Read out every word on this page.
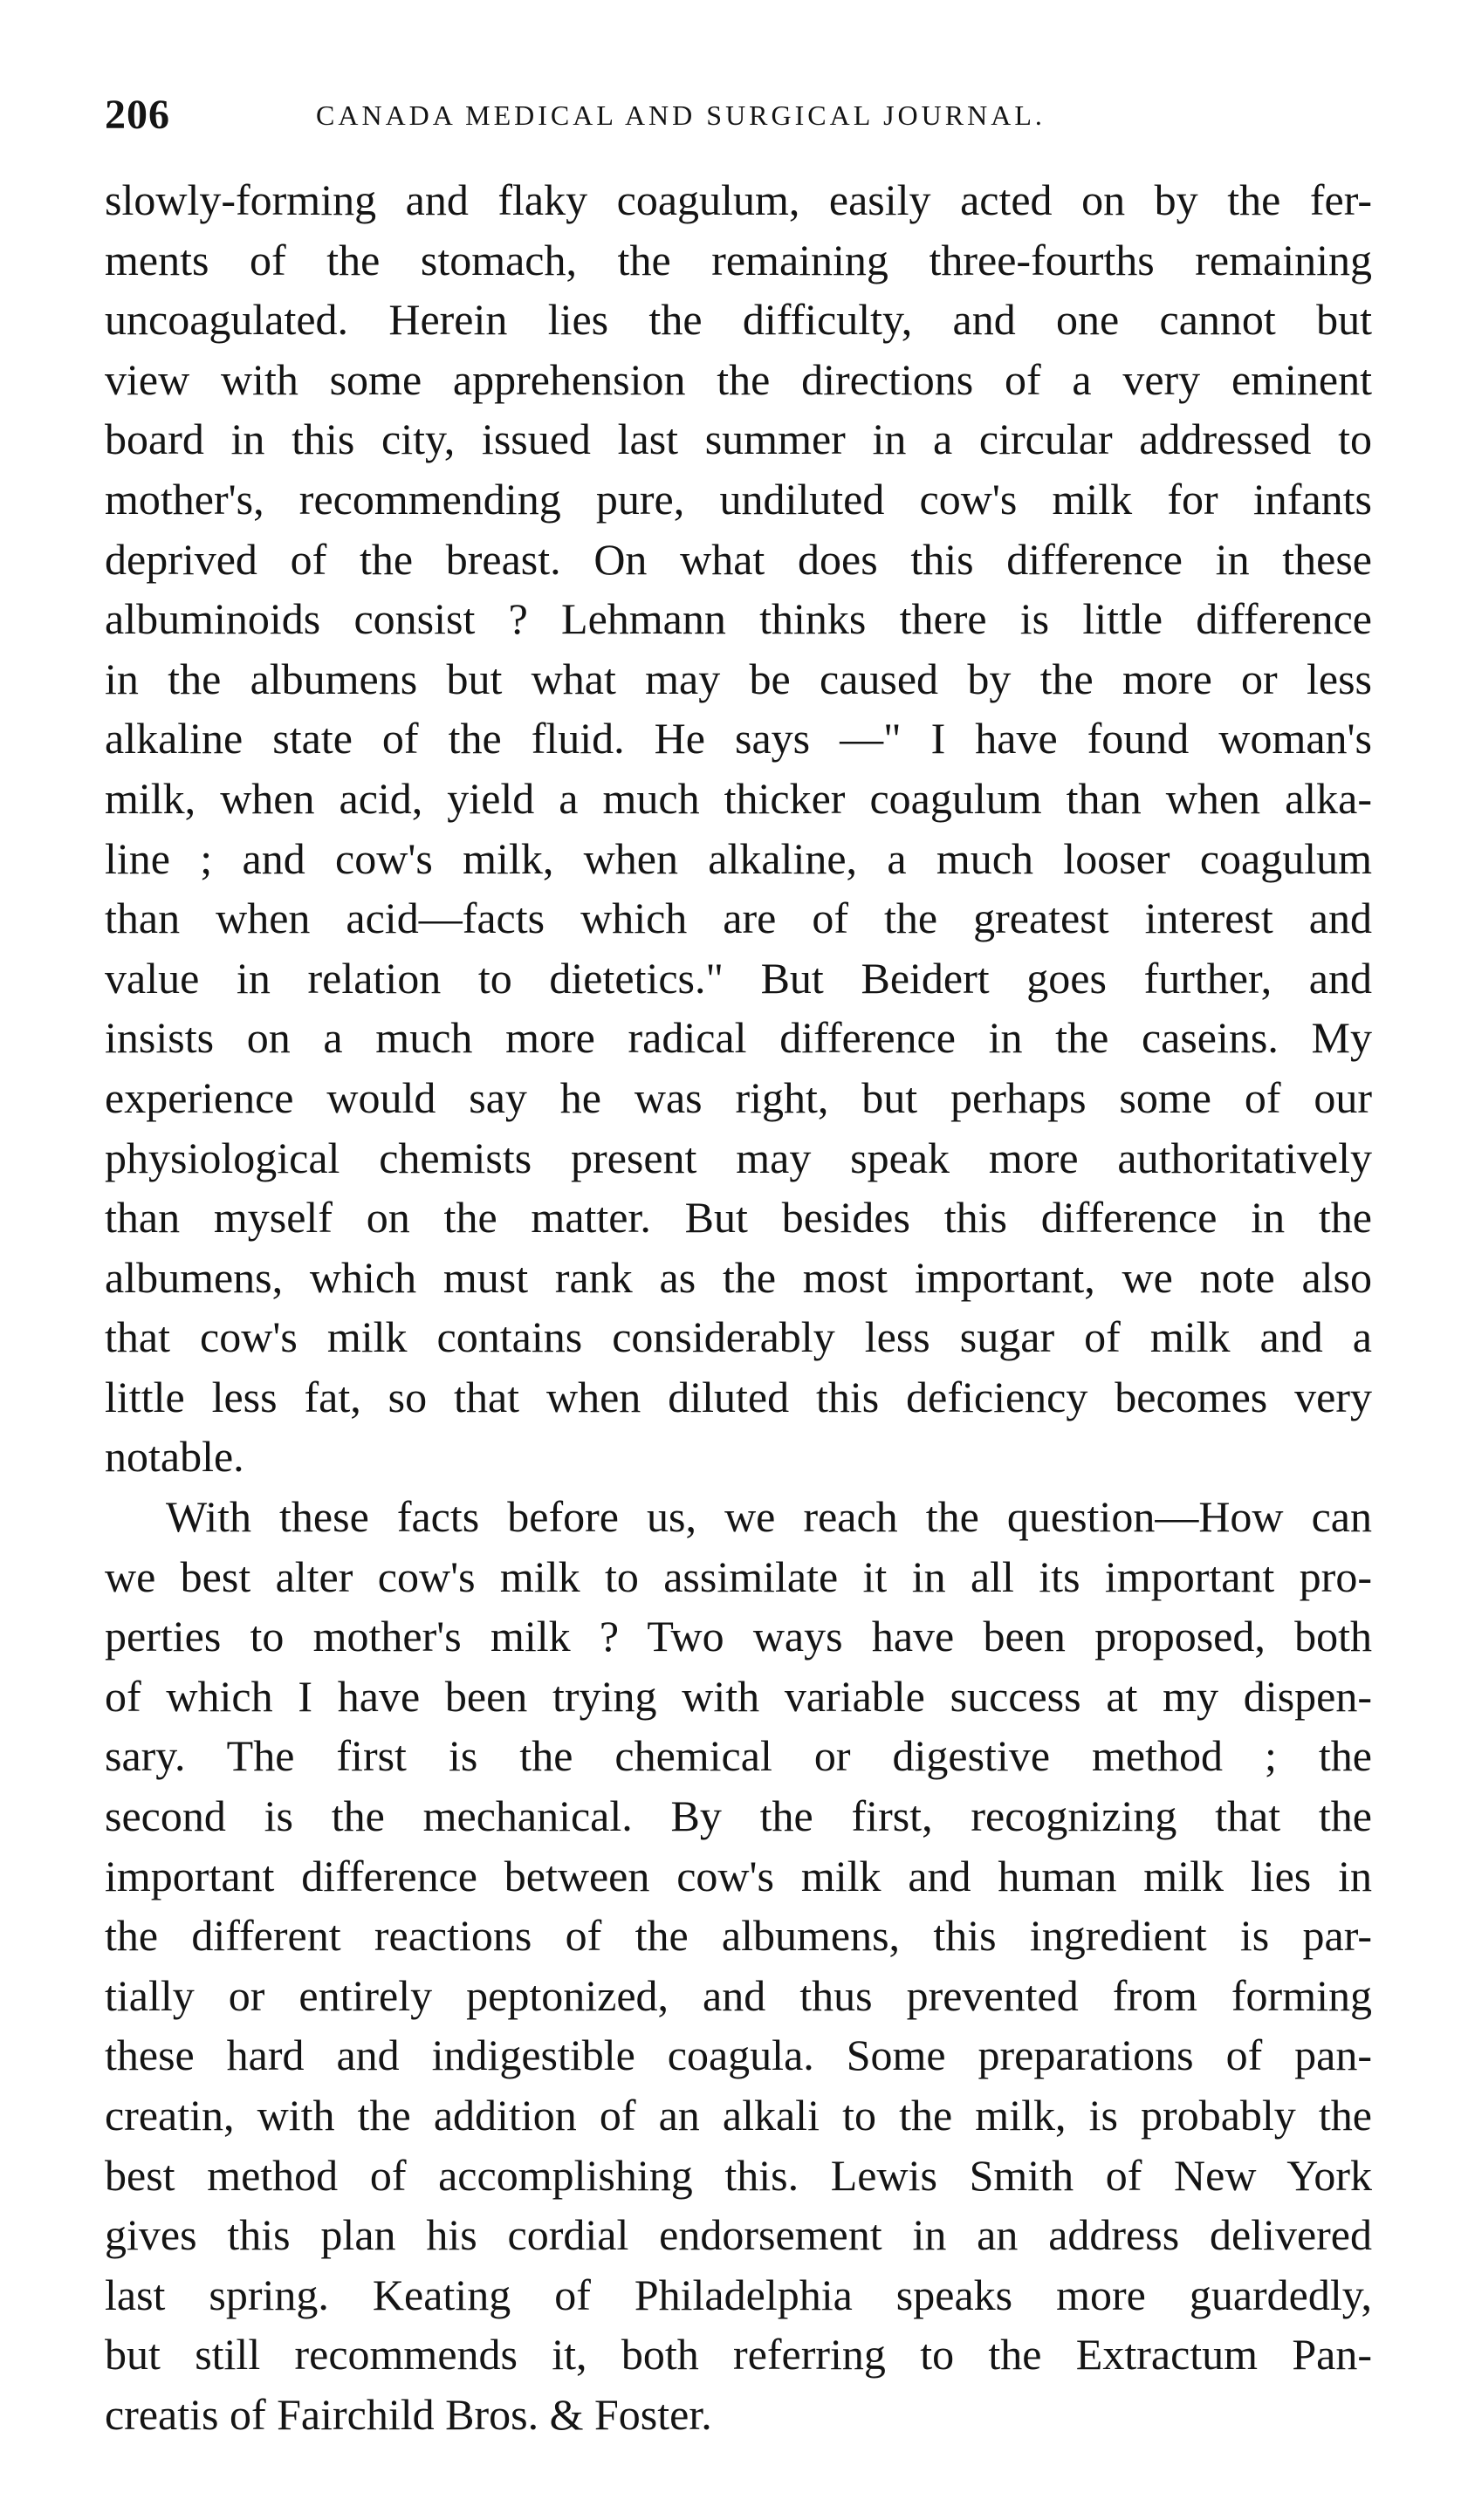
206	CANADA MEDICAL AND SURGICAL JOURNAL.
slowly-forming and flaky coagulum, easily acted on by the fer-
ments of the stomach, the remaining three-fourths remaining
uncoagulated. Herein lies the difficulty, and one cannot but
view with some apprehension the directions of a very eminent
board in this city, issued last summer in a circular addressed to
mother's, recommending pure, undiluted cow's milk for infants
deprived of the breast. On what does this difference in these
albuminoids consist ? Lehmann thinks there is little difference
in the albumens but what may be caused by the more or less
alkaline state of the fluid. He says —" I have found woman's
milk, when acid, yield a much thicker coagulum than when alka-
line ; and cow's milk, when alkaline, a much looser coagulum
than when acid—facts which are of the greatest interest and
value in relation to dietetics." But Beidert goes further, and
insists on a much more radical difference in the caseins. My
experience would say he was right, but perhaps some of our
physiological chemists present may speak more authoritatively
than myself on the matter. But besides this difference in the
albumens, which must rank as the most important, we note also
that cow's milk contains considerably less sugar of milk and a
little less fat, so that when diluted this deficiency becomes very
notable.
With these facts before us, we reach the question—How can
we best alter cow's milk to assimilate it in all its important pro-
perties to mother's milk ? Two ways have been proposed, both
of which I have been trying with variable success at my dispen-
sary. The first is the chemical or digestive method ; the
second is the mechanical. By the first, recognizing that the
important difference between cow's milk and human milk lies in
the different reactions of the albumens, this ingredient is par-
tially or entirely peptonized, and thus prevented from forming
these hard and indigestible coagula. Some preparations of pan-
creatin, with the addition of an alkali to the milk, is probably the
best method of accomplishing this. Lewis Smith of New York
gives this plan his cordial endorsement in an address delivered
last spring. Keating of Philadelphia speaks more guardedly,
but still recommends it, both referring to the Extractum Pan-
creatis of Fairchild Bros. & Foster.
